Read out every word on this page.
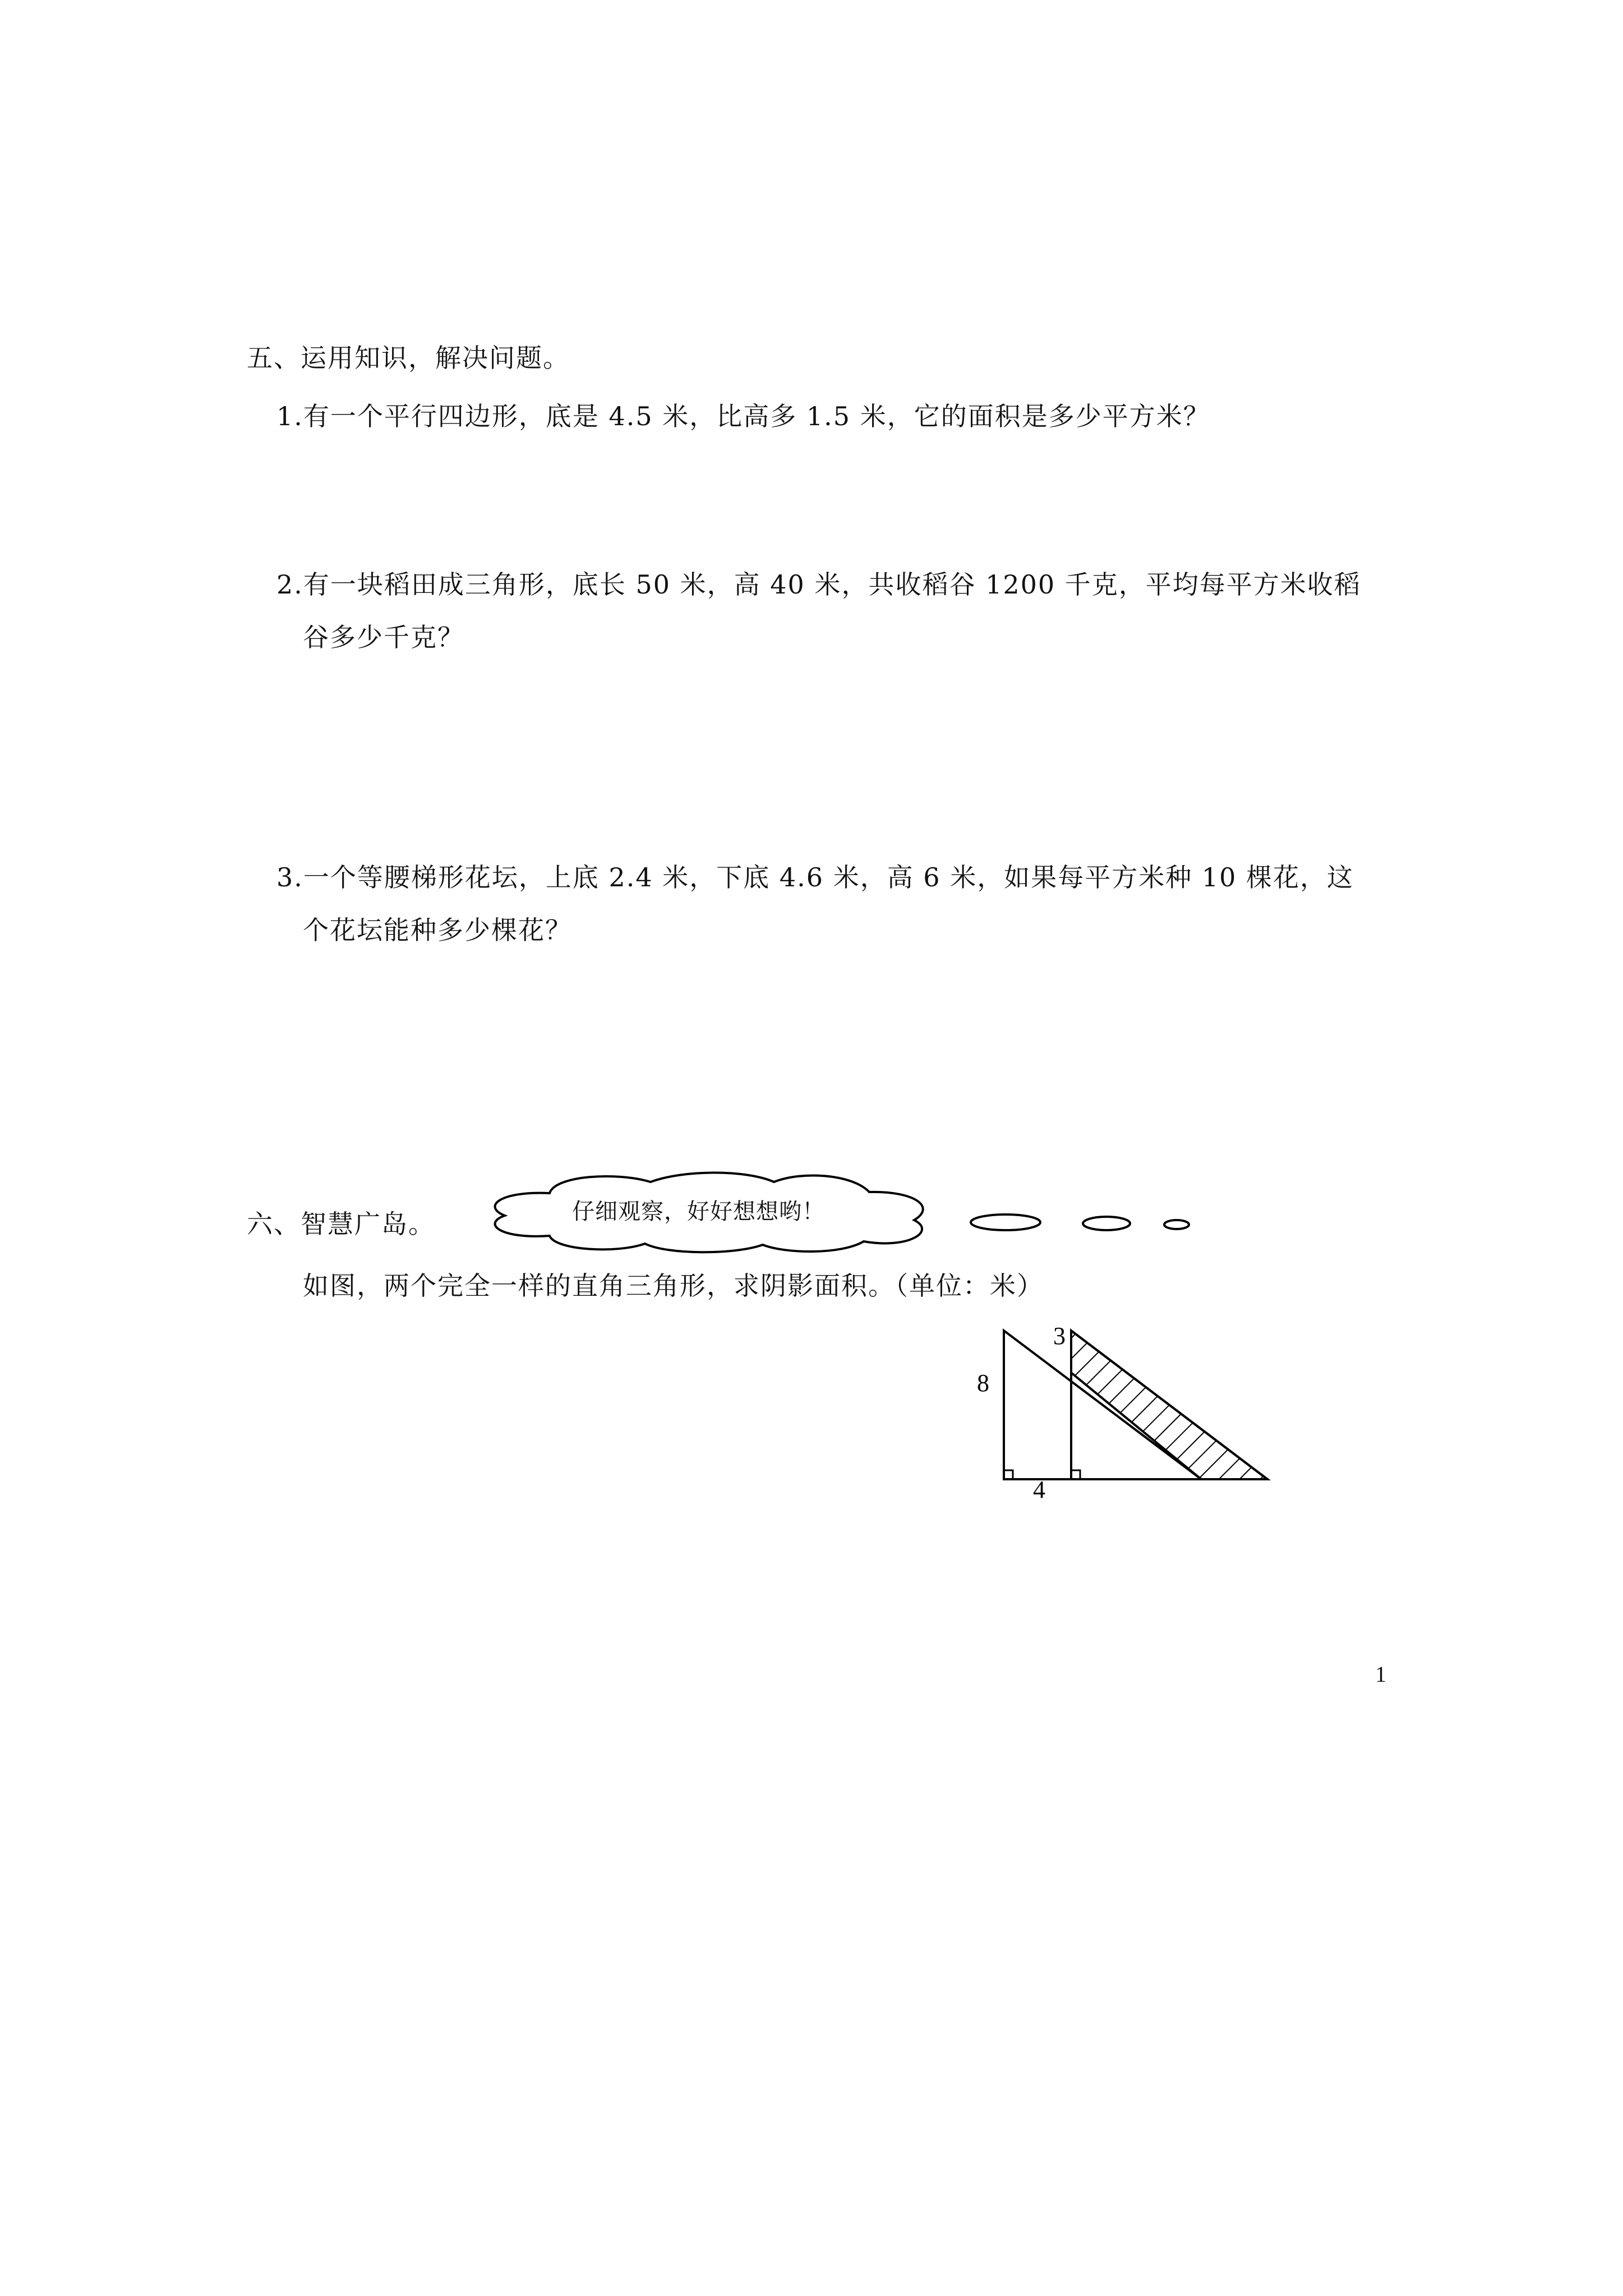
五、运用知识，解决问题。
1.有一个平行四边形，底是 4.5 米，比高多 1.5 米，它的面积是多少平方米？
2.有一块稻田成三角形，底长 50 米，高 40 米，共收稻谷 1200 千克，平均每平方米收稻
谷多少千克？
3.一个等腰梯形花坛，上底 2.4 米，下底 4.6 米，高 6 米，如果每平方米种 10 棵花，这
个花坛能种多少棵花？
六、智慧广岛。	仔细观察，好好想想哟！
如图，两个完全一样的直角三角形，求阴影面积。（单位：米）
8
3
4
1
